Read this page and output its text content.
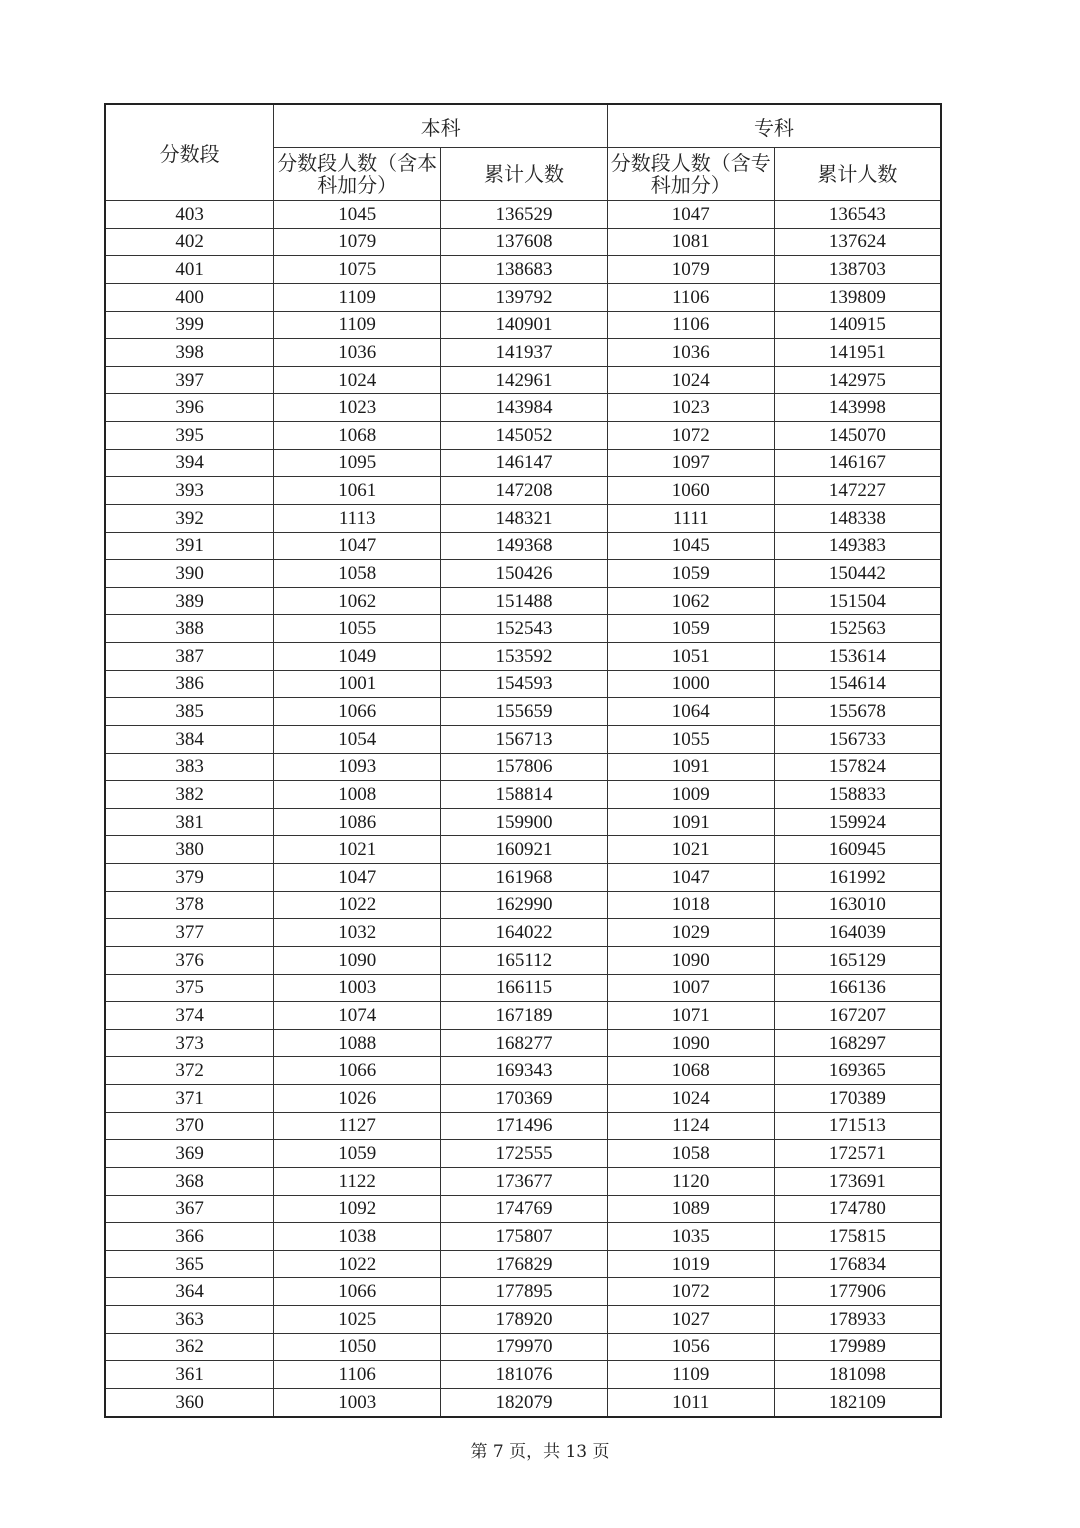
分数段	本科		专科	
	分数段人数（含本科加分）	累计人数	分数段人数（含专科加分）	累计人数
403	1045	136529	1047	136543
402	1079	137608	1081	137624
401	1075	138683	1079	138703
400	1109	139792	1106	139809
399	1109	140901	1106	140915
398	1036	141937	1036	141951
397	1024	142961	1024	142975
396	1023	143984	1023	143998
395	1068	145052	1072	145070
394	1095	146147	1097	146167
393	1061	147208	1060	147227
392	1113	148321	1111	148338
391	1047	149368	1045	149383
390	1058	150426	1059	150442
389	1062	151488	1062	151504
388	1055	152543	1059	152563
387	1049	153592	1051	153614
386	1001	154593	1000	154614
385	1066	155659	1064	155678
384	1054	156713	1055	156733
383	1093	157806	1091	157824
382	1008	158814	1009	158833
381	1086	159900	1091	159924
380	1021	160921	1021	160945
379	1047	161968	1047	161992
378	1022	162990	1018	163010
377	1032	164022	1029	164039
376	1090	165112	1090	165129
375	1003	166115	1007	166136
374	1074	167189	1071	167207
373	1088	168277	1090	168297
372	1066	169343	1068	169365
371	1026	170369	1024	170389
370	1127	171496	1124	171513
369	1059	172555	1058	172571
368	1122	173677	1120	173691
367	1092	174769	1089	174780
366	1038	175807	1035	175815
365	1022	176829	1019	176834
364	1066	177895	1072	177906
363	1025	178920	1027	178933
362	1050	179970	1056	179989
361	1106	181076	1109	181098
360	1003	182079	1011	182109
第 7 页，共 13 页
